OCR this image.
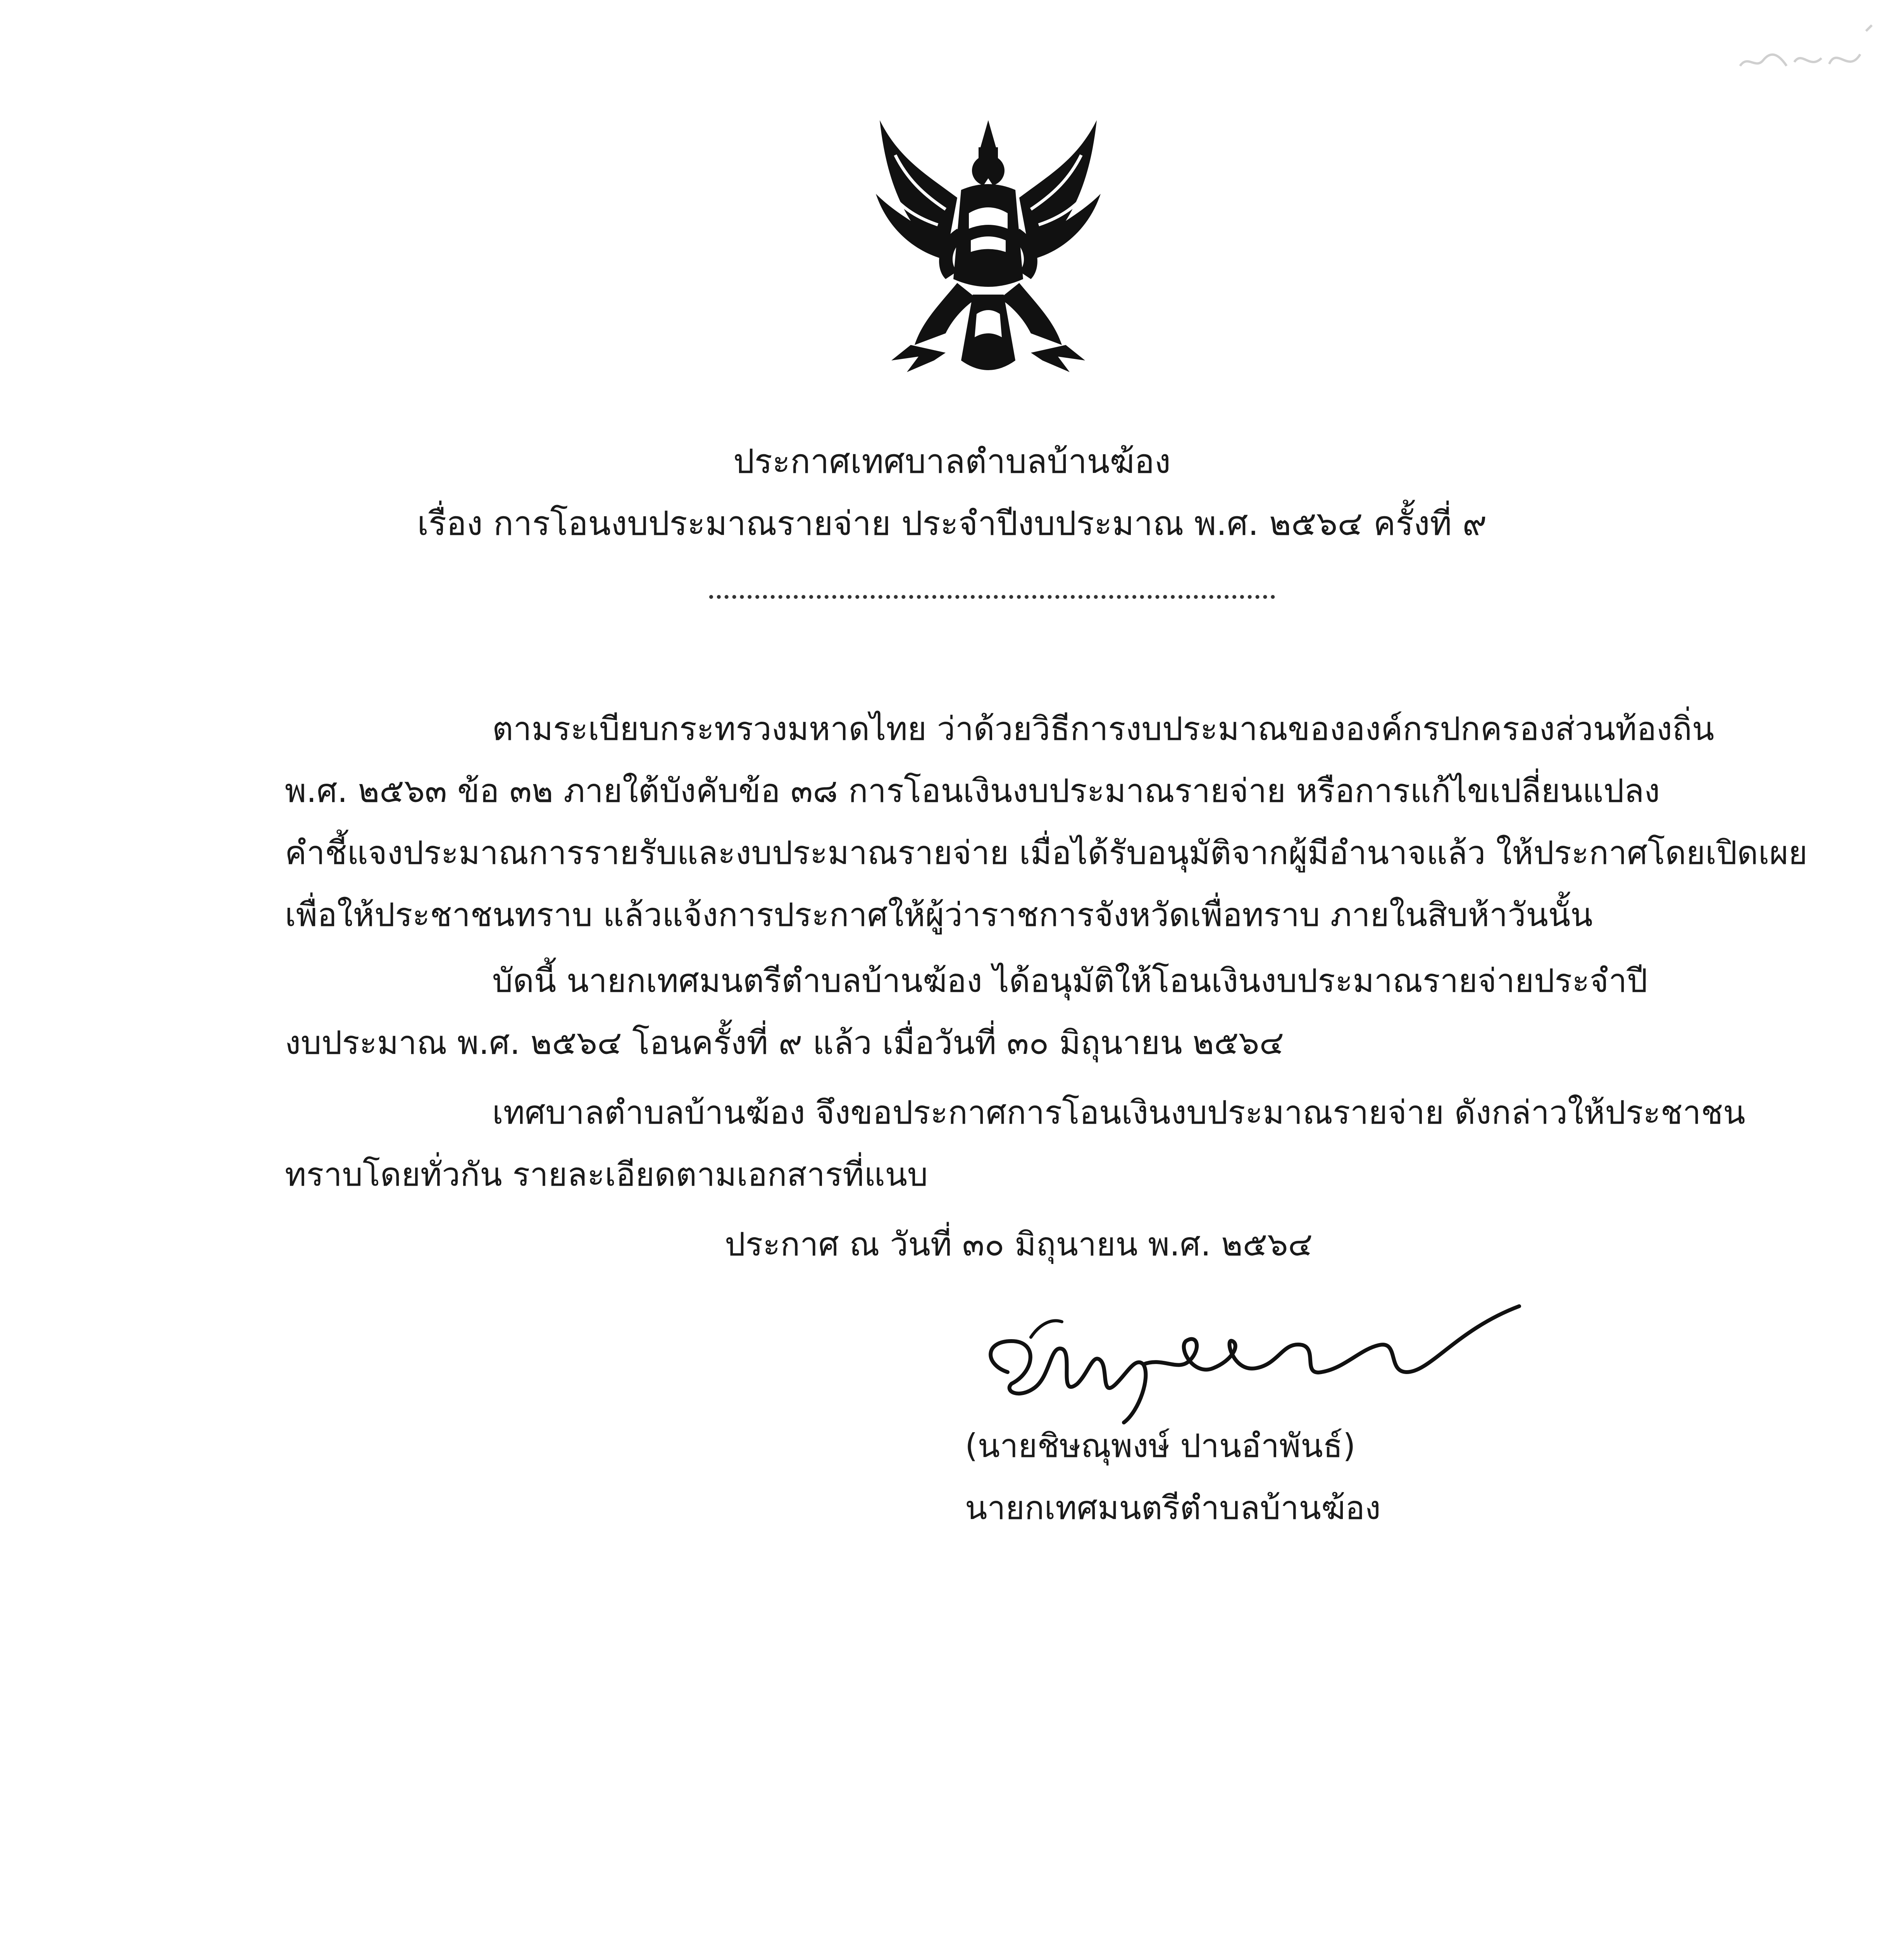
ประกาศเทศบาลตำบลบ้านฆ้อง
เรื่อง การโอนงบประมาณรายจ่าย ประจำปีงบประมาณ พ.ศ. ๒๕๖๔ ครั้งที่ ๙
ตามระเบียบกระทรวงมหาดไทย ว่าด้วยวิธีการงบประมาณขององค์กรปกครองส่วนท้องถิ่น
พ.ศ. ๒๕๖๓ ข้อ ๓๒ ภายใต้บังคับข้อ ๓๘ การโอนเงินงบประมาณรายจ่าย หรือการแก้ไขเปลี่ยนแปลง
คำชี้แจงประมาณการรายรับและงบประมาณรายจ่าย เมื่อได้รับอนุมัติจากผู้มีอำนาจแล้ว ให้ประกาศโดยเปิดเผย
เพื่อให้ประชาชนทราบ แล้วแจ้งการประกาศให้ผู้ว่าราชการจังหวัดเพื่อทราบ ภายในสิบห้าวันนั้น
บัดนี้ นายกเทศมนตรีตำบลบ้านฆ้อง ได้อนุมัติให้โอนเงินงบประมาณรายจ่ายประจำปี
งบประมาณ พ.ศ. ๒๕๖๔ โอนครั้งที่ ๙ แล้ว เมื่อวันที่ ๓๐ มิถุนายน ๒๕๖๔
เทศบาลตำบลบ้านฆ้อง จึงขอประกาศการโอนเงินงบประมาณรายจ่าย ดังกล่าวให้ประชาชน
ทราบโดยทั่วกัน รายละเอียดตามเอกสารที่แนบ
ประกาศ ณ วันที่ ๓๐ มิถุนายน พ.ศ. ๒๕๖๔
(นายชิษณุพงษ์ ปานอำพันธ์)
นายกเทศมนตรีตำบลบ้านฆ้อง
